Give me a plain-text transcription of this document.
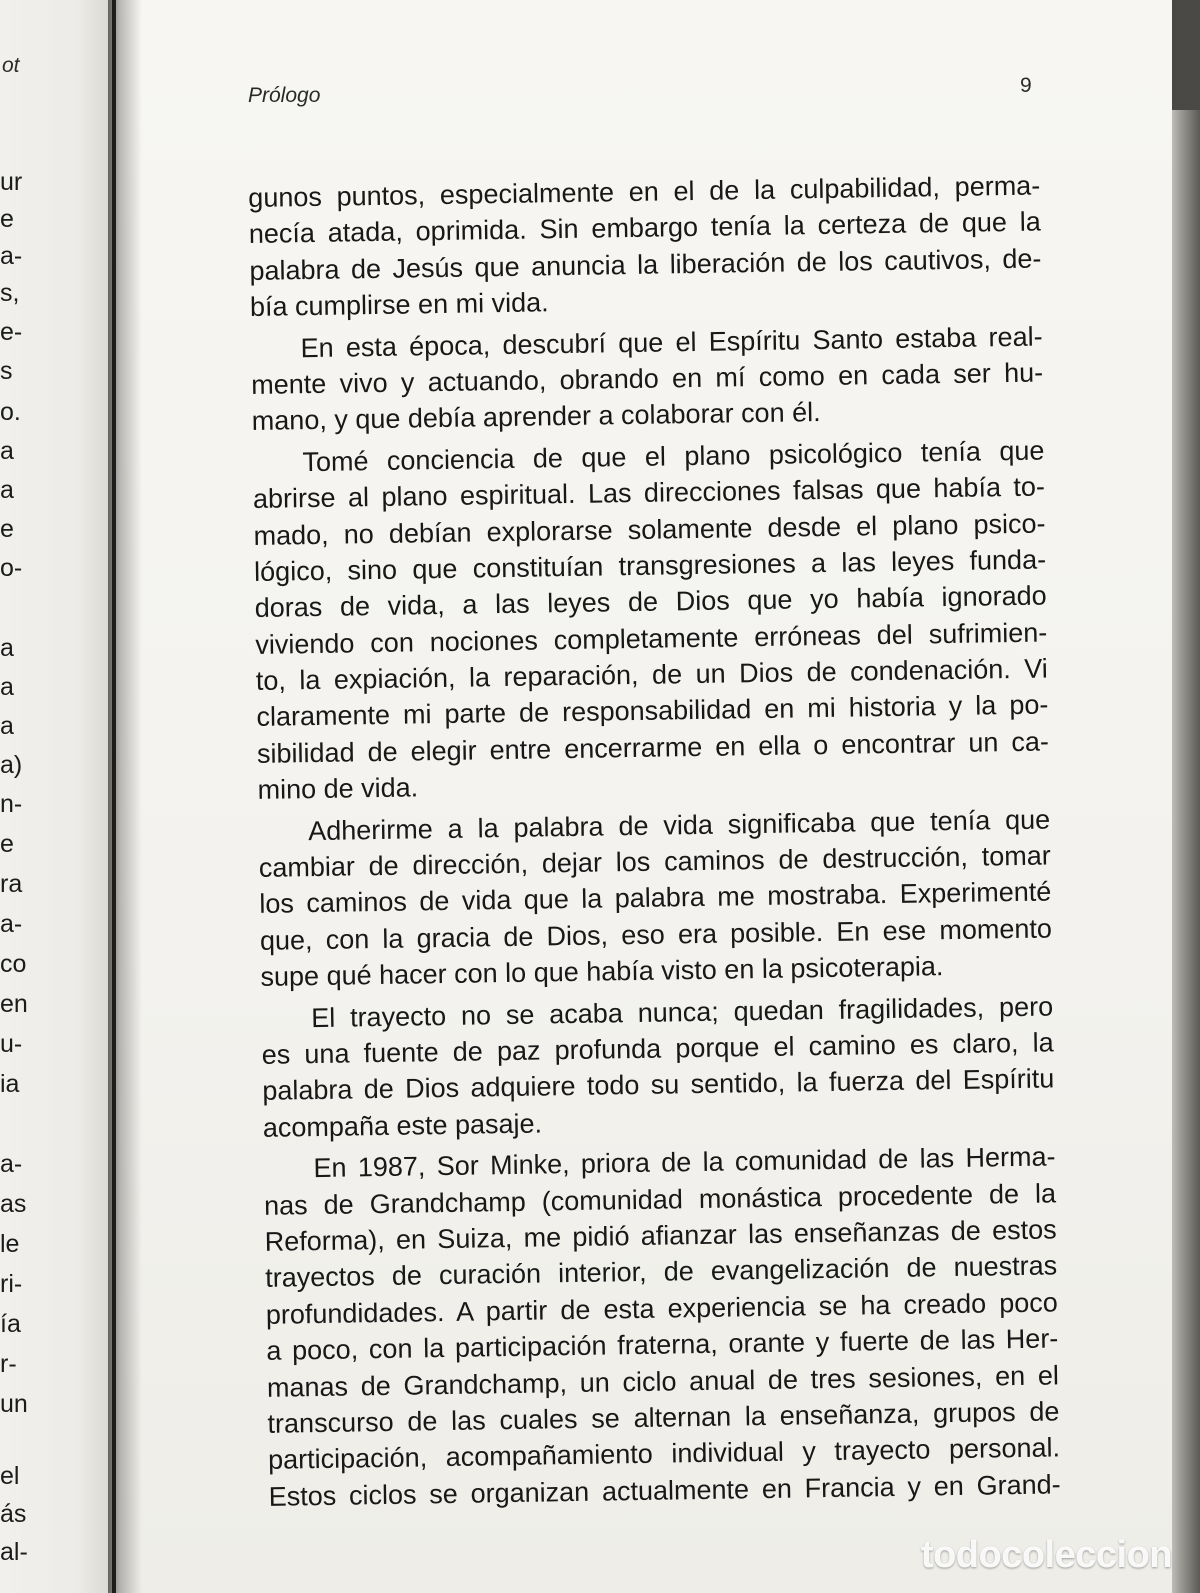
ot
ur
e
a-
s,
e-
s
o.
a
a
e
o-
a
a
a
a)
n-
e
ra
a-
co
en
u-
ia
a-
as
le
ri-
ía
r-
un
el
ás
al-
Prólogo	9
gunos puntos, especialmente en el de la culpabilidad, perma-
necía atada, oprimida. Sin embargo tenía la certeza de que la
palabra de Jesús que anuncia la liberación de los cautivos, de-
bía cumplirse en mi vida.
En esta época, descubrí que el Espíritu Santo estaba real-
mente vivo y actuando, obrando en mí como en cada ser hu-
mano, y que debía aprender a colaborar con él.
Tomé conciencia de que el plano psicológico tenía que
abrirse al plano espiritual. Las direcciones falsas que había to-
mado, no debían explorarse solamente desde el plano psico-
lógico, sino que constituían transgresiones a las leyes funda-
doras de vida, a las leyes de Dios que yo había ignorado
viviendo con nociones completamente erróneas del sufrimien-
to, la expiación, la reparación, de un Dios de condenación. Vi
claramente mi parte de responsabilidad en mi historia y la po-
sibilidad de elegir entre encerrarme en ella o encontrar un ca-
mino de vida.
Adherirme a la palabra de vida significaba que tenía que
cambiar de dirección, dejar los caminos de destrucción, tomar
los caminos de vida que la palabra me mostraba. Experimenté
que, con la gracia de Dios, eso era posible. En ese momento
supe qué hacer con lo que había visto en la psicoterapia.
El trayecto no se acaba nunca; quedan fragilidades, pero
es una fuente de paz profunda porque el camino es claro, la
palabra de Dios adquiere todo su sentido, la fuerza del Espíritu
acompaña este pasaje.
En 1987, Sor Minke, priora de la comunidad de las Herma-
nas de Grandchamp (comunidad monástica procedente de la
Reforma), en Suiza, me pidió afianzar las enseñanzas de estos
trayectos de curación interior, de evangelización de nuestras
profundidades. A partir de esta experiencia se ha creado poco
a poco, con la participación fraterna, orante y fuerte de las Her-
manas de Grandchamp, un ciclo anual de tres sesiones, en el
transcurso de las cuales se alternan la enseñanza, grupos de
participación, acompañamiento individual y trayecto personal.
Estos ciclos se organizan actualmente en Francia y en Grand-
todocoleccion
